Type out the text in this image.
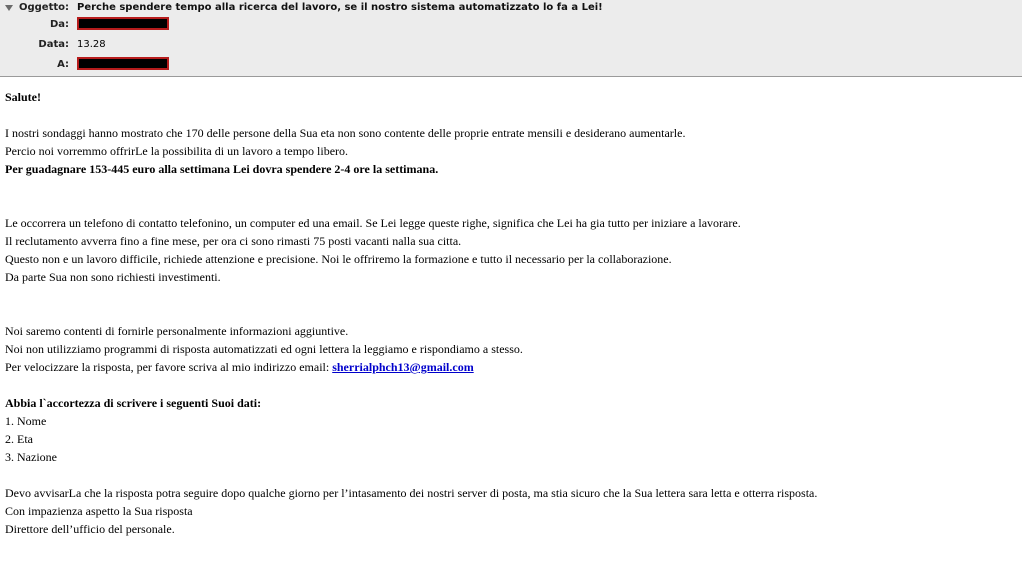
Oggetto: Perche spendere tempo alla ricerca del lavoro, se il nostro sistema automatizzato lo fa a Lei!
Da:
Data: 13.28
A:

Salute!

I nostri sondaggi hanno mostrato che 170 delle persone della Sua eta non sono contente delle proprie entrate mensili e desiderano aumentarle.

Percio noi vorremmo offrirLe la possibilita di un lavoro a tempo libero.

Per guadagnare 153-445 euro alla settimana Lei dovra spendere 2-4 ore la settimana.

Le occorrera un telefono di contatto telefonino, un computer ed una email. Se Lei legge queste righe, significa che Lei ha gia tutto per iniziare a lavorare.

Il reclutamento avverra fino a fine mese, per ora ci sono rimasti 75 posti vacanti nalla sua citta.

Questo non e un lavoro difficile, richiede attenzione e precisione. Noi le offriremo la formazione e tutto il necessario per la collaborazione.

Da parte Sua non sono richiesti investimenti.

Noi saremo contenti di fornirle personalmente informazioni aggiuntive.

Noi non utilizziamo programmi di risposta automatizzati ed ogni lettera la leggiamo e rispondiamo a stesso.

Per velocizzare la risposta, per favore scriva al mio indirizzo email: sherrialphch13@gmail.com

Abbia l`accortezza di scrivere i seguenti Suoi dati:

1. Nome

2. Eta

3. Nazione

Devo avvisarLa che la risposta potra seguire dopo qualche giorno per l’intasamento dei nostri server di posta, ma stia sicuro che la Sua lettera sara letta e otterra risposta.

Con impazienza aspetto la Sua risposta

Direttore dell’ufficio del personale.
